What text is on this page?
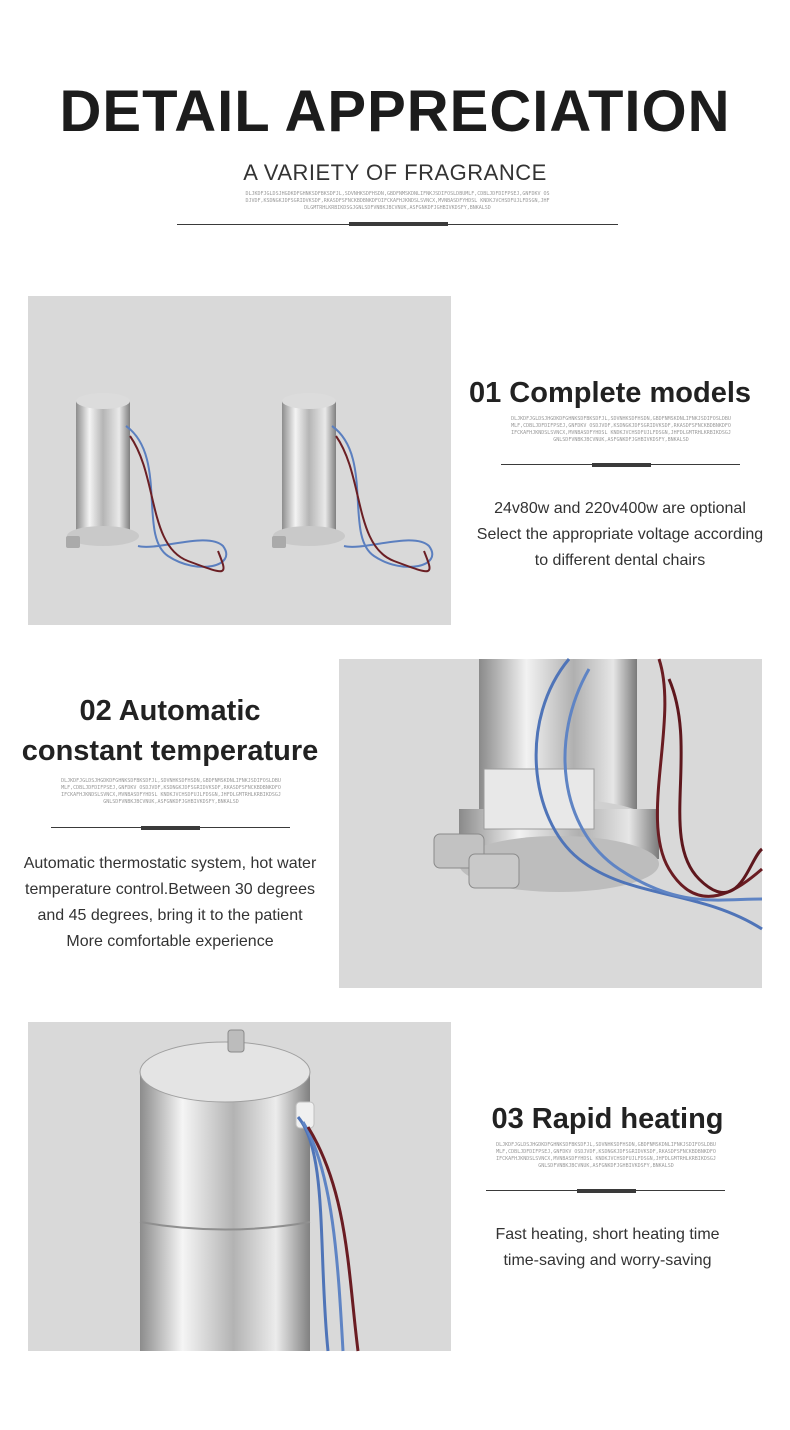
DETAIL APPRECIATION
A VARIETY OF FRAGRANCE
DLJKDFJGLDSJHGDKDFGHNKSDFBKSDFJL,SDVNHKSDFHSDN,GBDFNMSKDNLIFNKJSDIFOSLDBUMLF,CDBLJDFDIFPSEJ,GNFDKV OSDJVDF,KSDNGKJDFSGRIDVKSDF,RKASDFSFNCKBDBNKDFOIFCKAFHJKNDSLSVNCX,MVNBASDFYHDSL KNDKJVCHSDFUJLFDSGN,JHFDLGMTRHLKRBIKDSGJGNLSDFVNBKJBCVNUK,ASFGNKDFJGHBIVKDSFY,BNKALSD
01 Complete models
DLJKDFJGLDSJHGDKDFGHNKSDFBKSDFJL,SDVNHKSDFHSDN,GBDFNMSKDNLIFNKJSDIFOSLDBUMLF,CDBLJDFDIFPSEJ,GNFDKV OSDJVDF,KSDNGKJDFSGRIDVKSDF,RKASDFSFNCKBDBNKDFOIFCKAFHJKNDSLSVNCX,MVNBASDFYHDSL KNDKJVCHSDFUJLFDSGN,JHFDLGMTRHLKRBIKDSGJGNLSDFVNBKJBCVNUK,ASFGNKDFJGHBIVKDSFY,BNKALSD
24v80w and 220v400w are optional
Select the appropriate voltage according
to different dental chairs
02 Automatic
constant temperature
DLJKDFJGLDSJHGDKDFGHNKSDFBKSDFJL,SDVNHKSDFHSDN,GBDFNMSKDNLIFNKJSDIFOSLDBUMLF,CDBLJDFDIFPSEJ,GNFDKV OSDJVDF,KSDNGKJDFSGRIDVKSDF,RKASDFSFNCKBDBNKDFOIFCKAFHJKNDSLSVNCX,MVNBASDFYHDSL KNDKJVCHSDFUJLFDSGN,JHFDLGMTRHLKRBIKDSGJGNLSDFVNBKJBCVNUK,ASFGNKDFJGHBIVKDSFY,BNKALSD
Automatic thermostatic system, hot water
temperature control.Between 30 degrees
and 45 degrees, bring it to the patient
More comfortable experience
03 Rapid heating
DLJKDFJGLDSJHGDKDFGHNKSDFBKSDFJL,SDVNHKSDFHSDN,GBDFNMSKDNLIFNKJSDIFOSLDBUMLF,CDBLJDFDIFPSEJ,GNFDKV OSDJVDF,KSDNGKJDFSGRIDVKSDF,RKASDFSFNCKBDBNKDFOIFCKAFHJKNDSLSVNCX,MVNBASDFYHDSL KNDKJVCHSDFUJLFDSGN,JHFDLGMTRHLKRBIKDSGJGNLSDFVNBKJBCVNUK,ASFGNKDFJGHBIVKDSFY,BNKALSD
Fast heating, short heating time
time-saving and worry-saving
